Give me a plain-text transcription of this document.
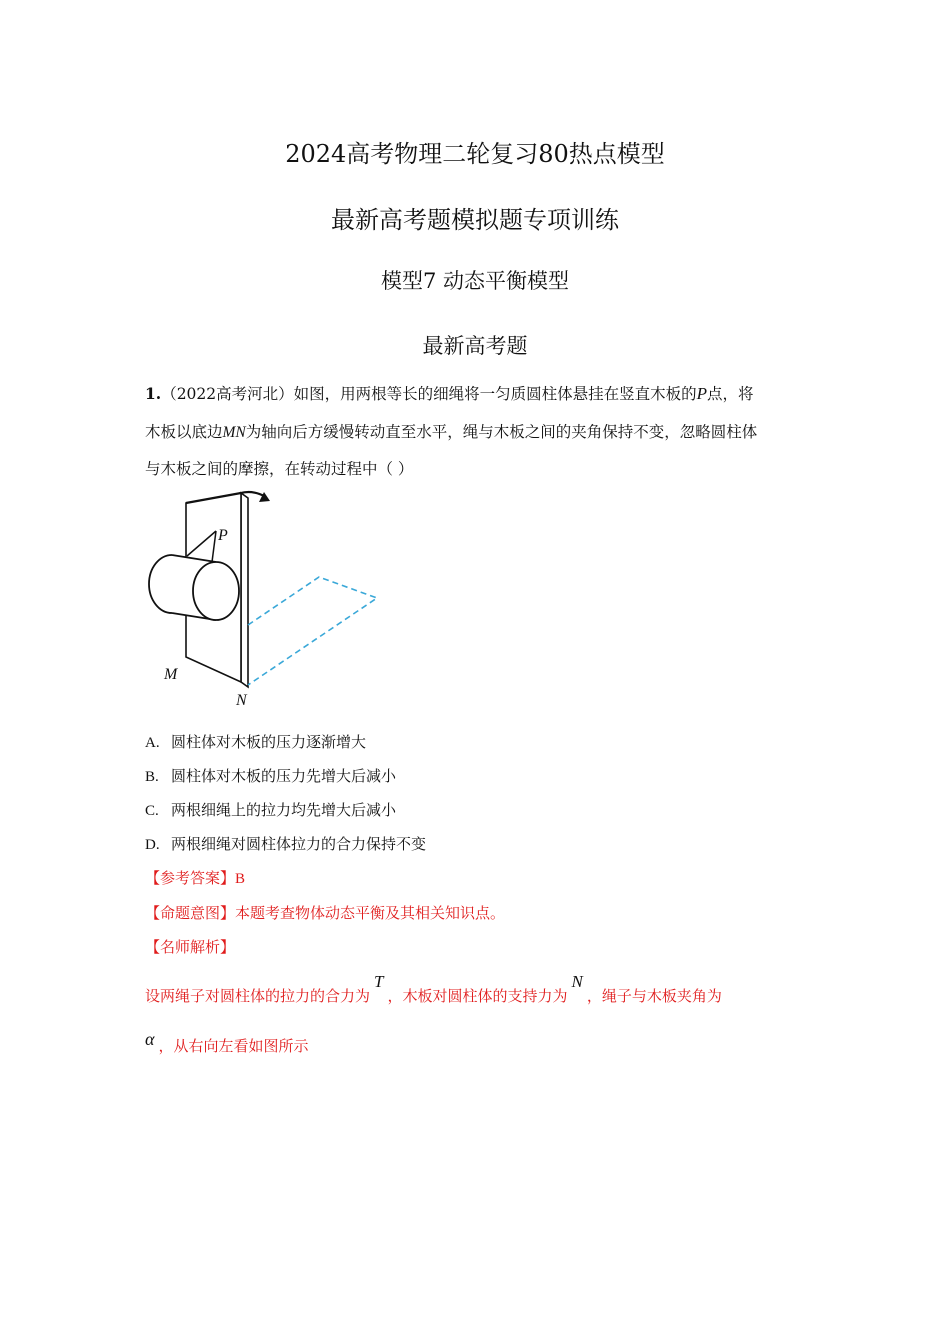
2024高考物理二轮复习80热点模型
最新高考题模拟题专项训练
模型7 动态平衡模型
最新高考题
1.（2022高考河北）如图，用两根等长的细绳将一匀质圆柱体悬挂在竖直木板的P点，将
木板以底边MN为轴向后方缓慢转动直至水平，绳与木板之间的夹角保持不变，忽略圆柱体
与木板之间的摩擦，在转动过程中（ ）
P
M
N
A. 圆柱体对木板的压力逐渐增大
B. 圆柱体对木板的压力先增大后减小
C. 两根细绳上的拉力均先增大后减小
D. 两根细绳对圆柱体拉力的合力保持不变
【参考答案】B
【命题意图】本题考查物体动态平衡及其相关知识点。
【名师解析】
设两绳子对圆柱体的拉力的合力为T，木板对圆柱体的支持力为N，绳子与木板夹角为
α ，从右向左看如图所示
